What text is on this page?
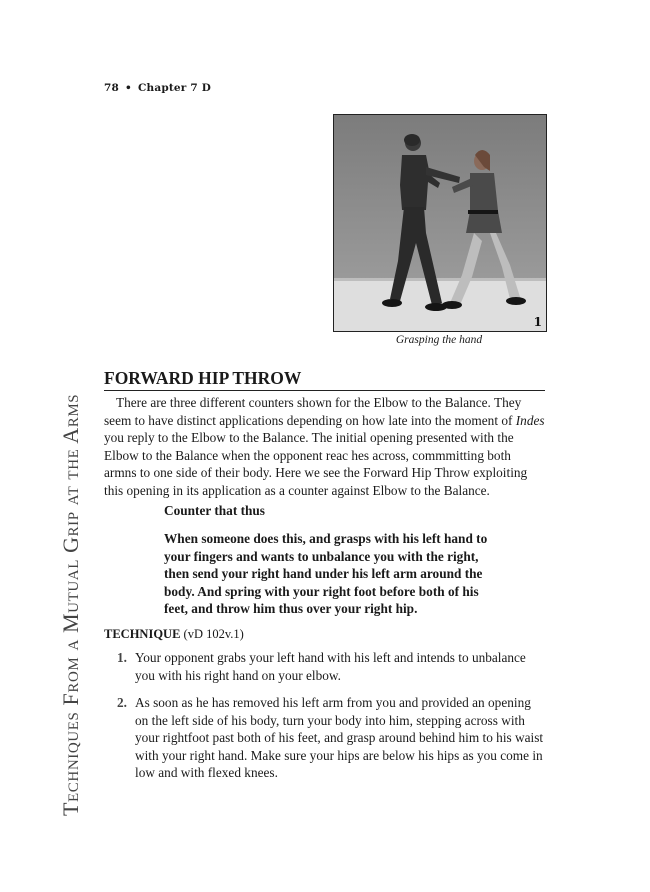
78 • Chapter 7 D
Techniques From a Mutual Grip at the Arms
1
Grasping the hand
FORWARD HIP THROW

There are three different counters shown for the Elbow to the Balance. They seem to have distinct applications depending on how late into the moment of Indes you reply to the Elbow to the Balance. The initial opening presented with the Elbow to the Balance when the opponent reac hes across, commmitting both armns to one side of their body. Here we see the Forward Hip Throw exploiting this opening in its application as a counter against Elbow to the Balance.

Counter that thus
When someone does this, and grasps with his left hand to your fingers and wants to unbalance you with the right, then send your right hand under his left arm around the body. And spring with your right foot before both of his feet, and throw him thus over your right hip.
TECHNIQUE (vD 102v.1)
1. Your opponent grabs your left hand with his left and intends to unbalance you with his right hand on your elbow.
2. As soon as he has removed his left arm from you and provided an opening on the left side of his body, turn your body into him, stepping across with your rightfoot past both of his feet, and grasp around behind him to his waist with your right hand. Make sure your hips are below his hips as you come in low and with flexed knees.
